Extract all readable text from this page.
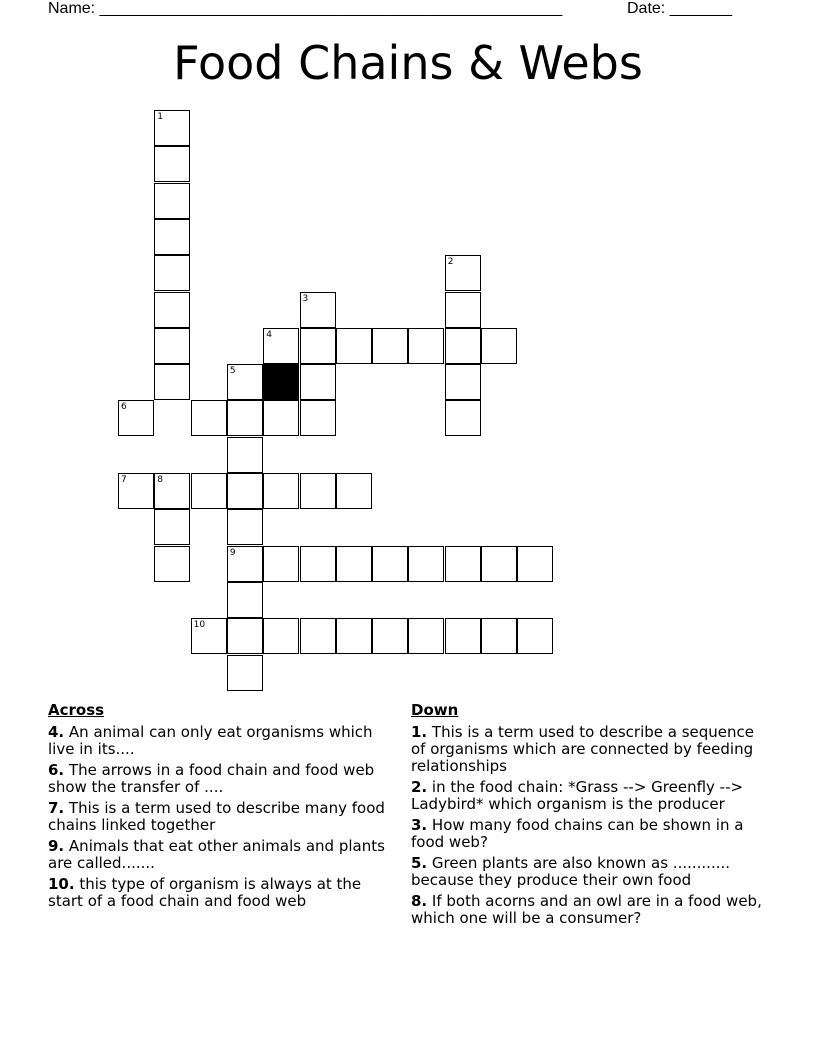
Name: ____________________________________________________	Date: _______
Food Chains & Webs
1
2
3
4
5
6
7	8
9
10
Across
4. An animal can only eat organisms which live in its....
6. The arrows in a food chain and food web show the transfer of ....
7. This is a term used to describe many food chains linked together
9. Animals that eat other animals and plants are called.......
10. this type of organism is always at the start of a food chain and food web
Down
1. This is a term used to describe a sequence of organisms which are connected by feeding relationships
2. in the food chain: *Grass --> Greenfly --> Ladybird* which organism is the producer
3. How many food chains can be shown in a food web?
5. Green plants are also known as ............ because they produce their own food
8. If both acorns and an owl are in a food web, which one will be a consumer?
